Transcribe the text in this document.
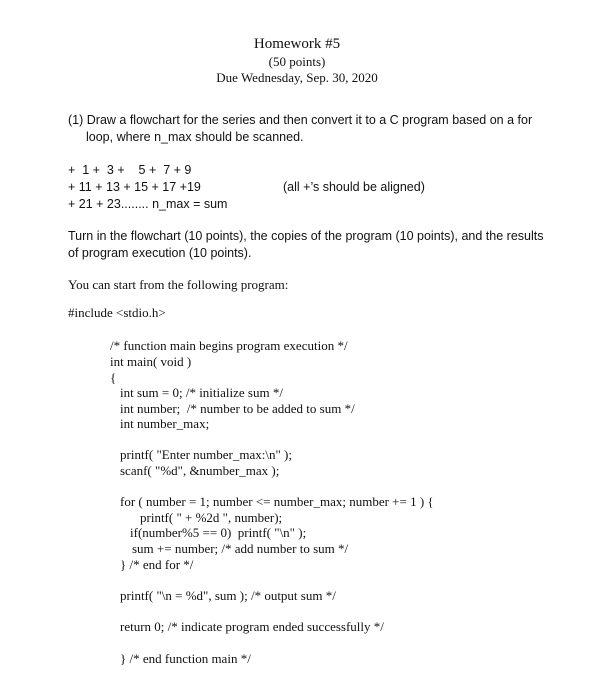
Homework #5
(50 points)
Due Wednesday, Sep. 30, 2020
(1) Draw a flowchart for the series and then convert it to a C program based on a for
loop, where n_max should be scanned.
+  1 +  3 +    5 +  7 + 9
+ 11 + 13 + 15 + 17 +19	(all +’s should be aligned)
+ 21 + 23........ n_max = sum
Turn in the flowchart (10 points), the copies of the program (10 points), and the results
of program execution (10 points).
You can start from the following program:
#include <stdio.h>
/* function main begins program execution */
int main( void )
{
int sum = 0; /* initialize sum */
int number;  /* number to be added to sum */
int number_max;
printf( "Enter number_max:\n" );
scanf( "%d", &number_max );
for ( number = 1; number <= number_max; number += 1 ) {
printf( " + %2d ", number);
if(number%5 == 0)  printf( "\n" );
sum += number; /* add number to sum */
} /* end for */
printf( "\n = %d", sum ); /* output sum */
return 0; /* indicate program ended successfully */
} /* end function main */
